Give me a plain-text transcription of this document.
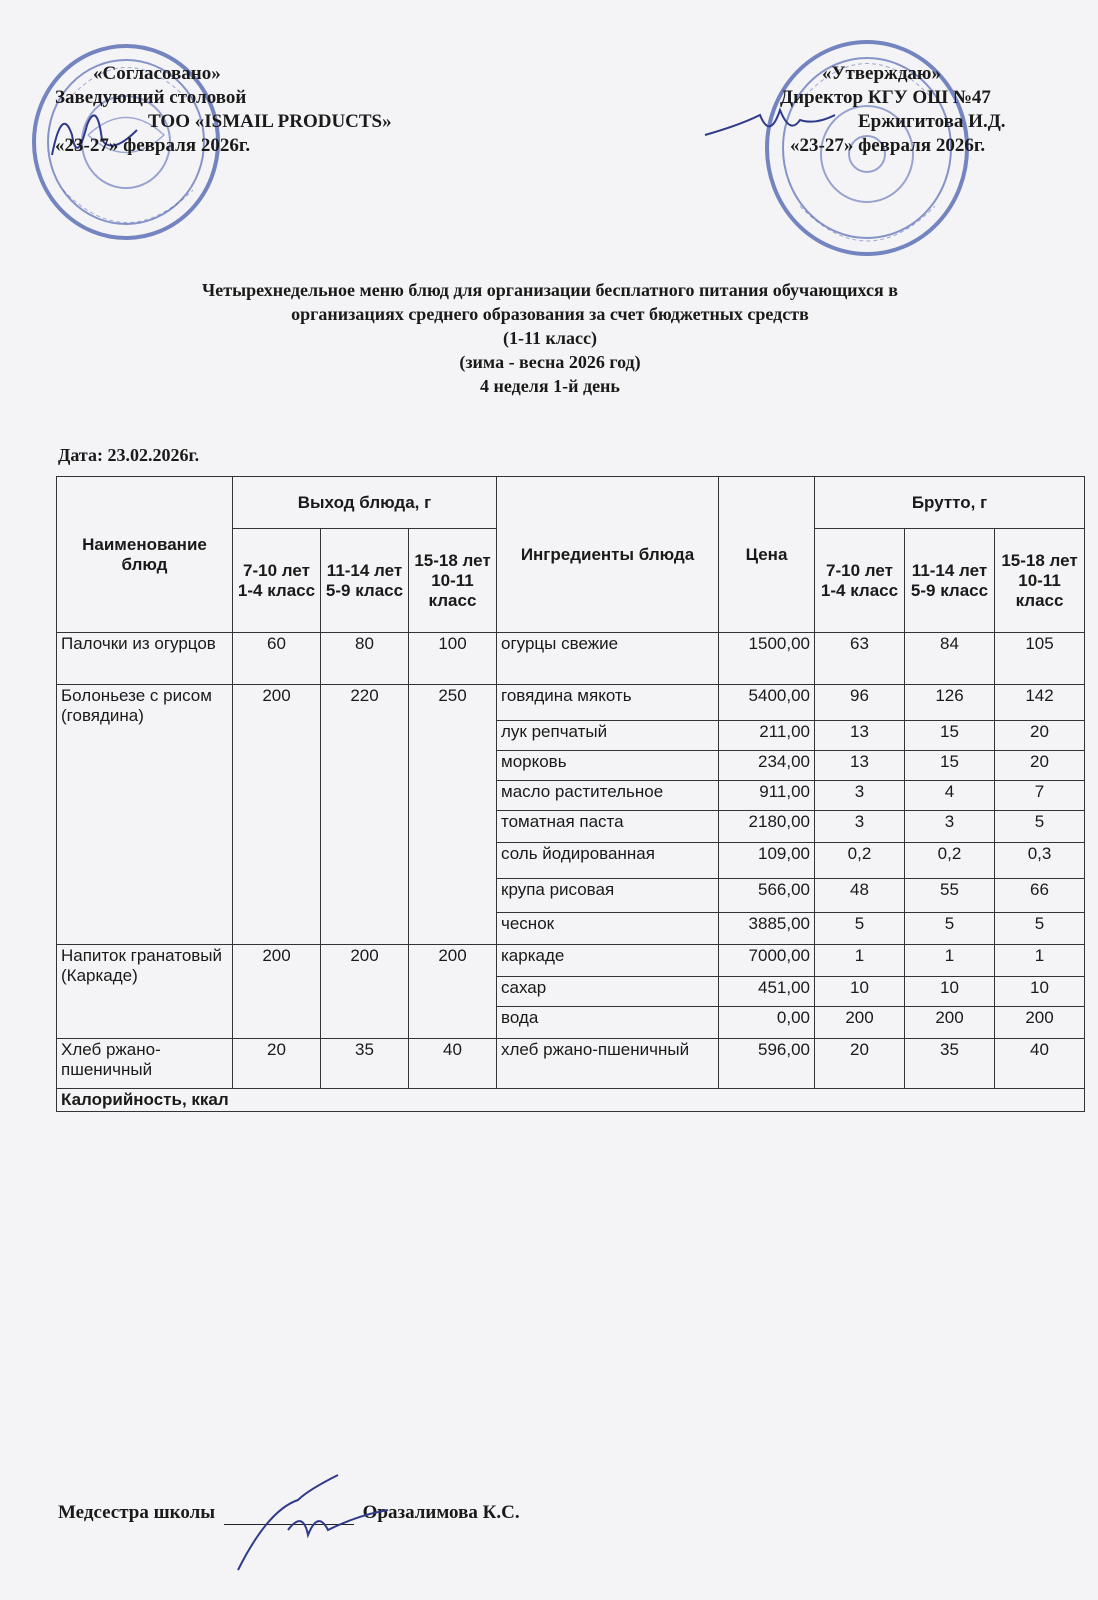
«Согласовано»
Заведующий столовой
ТОО «ISMAIL PRODUCTS»
«23-27» февраля 2026г.
«Утверждаю»
Директор КГУ ОШ №47
Ержигитова И.Д.
«23-27» февраля 2026г.
Четырехнедельное меню блюд для организации бесплатного питания обучающихся в
организациях среднего образования за счет бюджетных средств
(1-11 класс)
(зима - весна 2026 год)
4 неделя 1-й день
Дата: 23.02.2026г.
Наименование блюд	Выход блюда, г			Ингредиенты блюда	Цена	Брутто, г		
	7-10 лет 1-4 класс	11-14 лет 5-9 класс	15-18 лет 10-11 класс			7-10 лет 1-4 класс	11-14 лет 5-9 класс	15-18 лет 10-11 класс
Палочки из огурцов	60	80	100	огурцы свежие	1500,00	63	84	105
Болоньезе с рисом (говядина)	200	220	250	говядина мякоть	5400,00	96	126	142
				лук репчатый	211,00	13	15	20
				морковь	234,00	13	15	20
				масло растительное	911,00	3	4	7
				томатная паста	2180,00	3	3	5
				соль йодированная	109,00	0,2	0,2	0,3
				крупа рисовая	566,00	48	55	66
				чеснок	3885,00	5	5	5
Напиток гранатовый (Каркаде)	200	200	200	каркаде	7000,00	1	1	1
				сахар	451,00	10	10	10
				вода	0,00	200	200	200
Хлеб ржано-пшеничный	20	35	40	хлеб ржано-пшеничный	596,00	20	35	40
Калорийность, ккал								
Медсестра школы	Оразалимова К.С.
